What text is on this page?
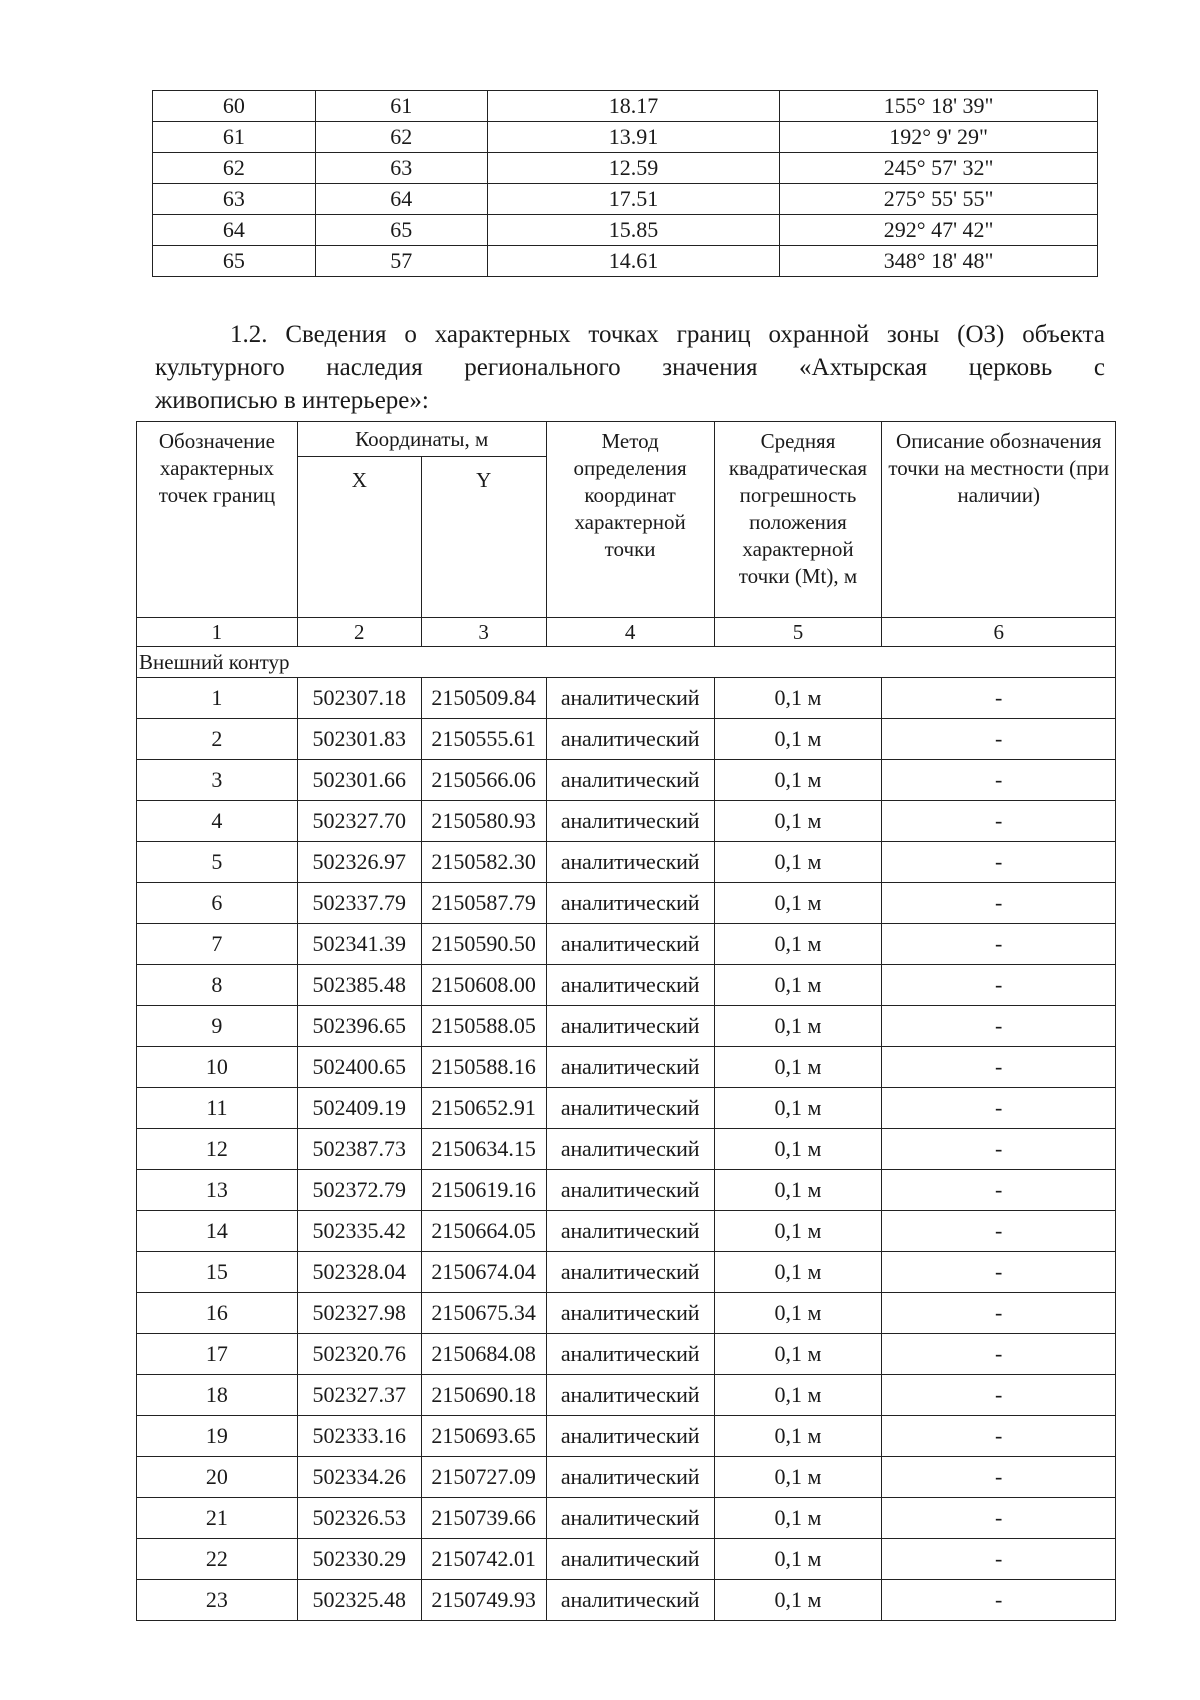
60	61	18.17	155° 18' 39"
61	62	13.91	192° 9' 29"
62	63	12.59	245° 57' 32"
63	64	17.51	275° 55' 55"
64	65	15.85	292° 47' 42"
65	57	14.61	348° 18' 48"
1.2. Сведения о характерных точках границ охранной зоны (ОЗ) объекта
культурного наследия регионального значения «Ахтырская церковь с
живописью в интерьере»:
Обозначение характерных точек границ	Координаты, м		Метод определения координат характерной точки	Средняя квадратическая погрешность положения характерной точки (Mt), м	Описание обозначения точки на местности (при наличии)
	X	Y			
1	2	3	4	5	6
Внешний контур					
1	502307.18	2150509.84	аналитический	0,1 м	-
2	502301.83	2150555.61	аналитический	0,1 м	-
3	502301.66	2150566.06	аналитический	0,1 м	-
4	502327.70	2150580.93	аналитический	0,1 м	-
5	502326.97	2150582.30	аналитический	0,1 м	-
6	502337.79	2150587.79	аналитический	0,1 м	-
7	502341.39	2150590.50	аналитический	0,1 м	-
8	502385.48	2150608.00	аналитический	0,1 м	-
9	502396.65	2150588.05	аналитический	0,1 м	-
10	502400.65	2150588.16	аналитический	0,1 м	-
11	502409.19	2150652.91	аналитический	0,1 м	-
12	502387.73	2150634.15	аналитический	0,1 м	-
13	502372.79	2150619.16	аналитический	0,1 м	-
14	502335.42	2150664.05	аналитический	0,1 м	-
15	502328.04	2150674.04	аналитический	0,1 м	-
16	502327.98	2150675.34	аналитический	0,1 м	-
17	502320.76	2150684.08	аналитический	0,1 м	-
18	502327.37	2150690.18	аналитический	0,1 м	-
19	502333.16	2150693.65	аналитический	0,1 м	-
20	502334.26	2150727.09	аналитический	0,1 м	-
21	502326.53	2150739.66	аналитический	0,1 м	-
22	502330.29	2150742.01	аналитический	0,1 м	-
23	502325.48	2150749.93	аналитический	0,1 м	-
